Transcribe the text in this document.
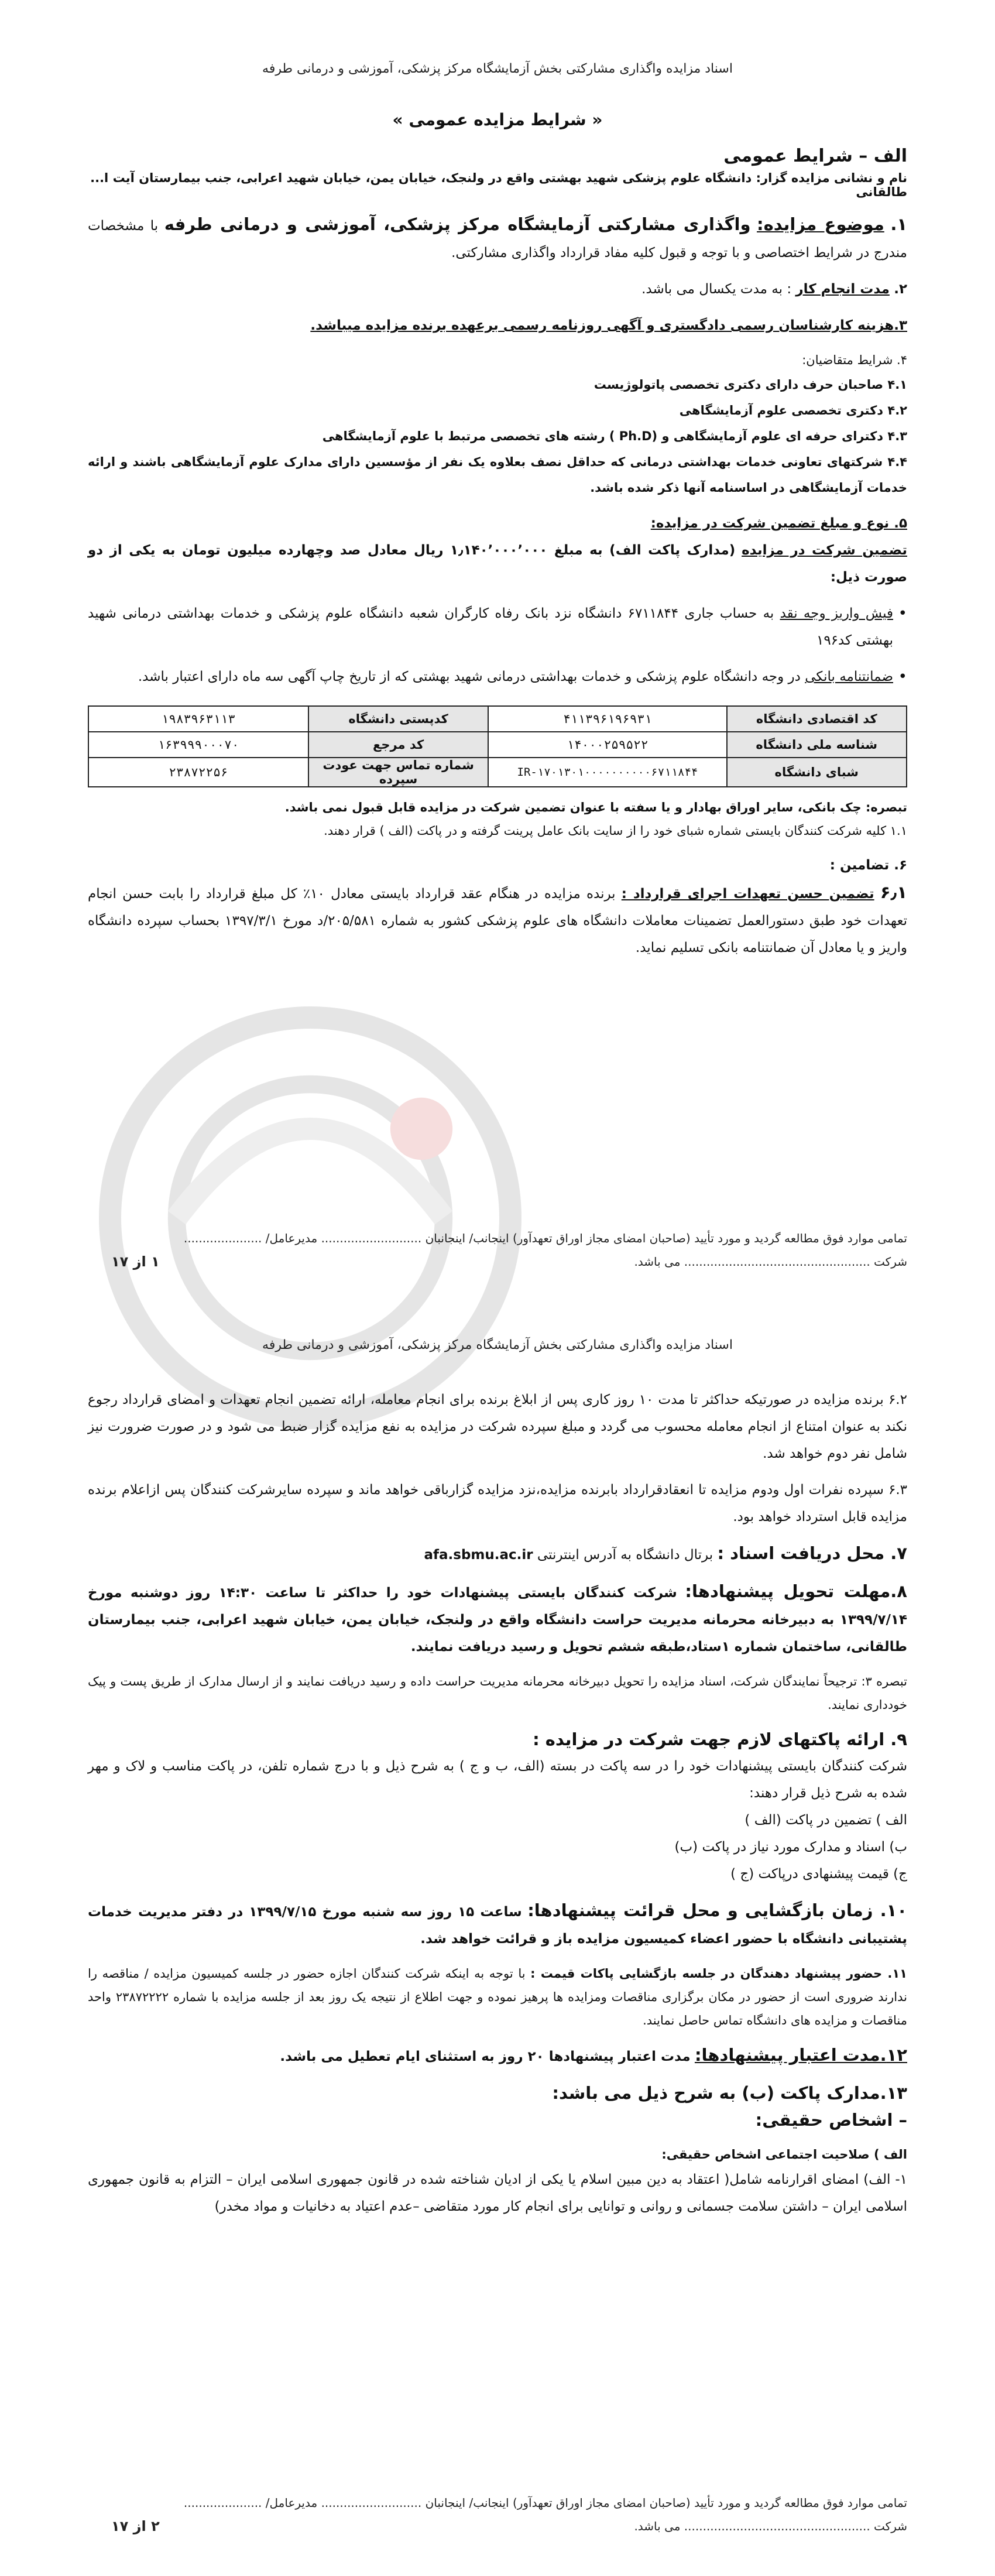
اسناد مزایده واگذاری مشارکتی بخش آزمایشگاه مرکز پزشکی، آموزشی و درمانی طرفه
« شرایط مزایده عمومی »
الف – شرایط عمومی
نام و نشانی مزایده گزار: دانشگاه علوم پزشکی شهید بهشتی واقع در ولنجک، خیابان یمن، خیابان شهید اعرابی، جنب بیمارستان آیت ا... طالقانی

۱. موضوع مزایده: واگذاری مشارکتی آزمایشگاه مرکز پزشکی، آموزشی و درمانی طرفه با مشخصات مندرج در شرایط اختصاصی و با توجه و قبول کلیه مفاد قرارداد واگذاری مشارکتی.

۲. مدت انجام کار : به مدت یکسال می باشد.

۳.هزینه کارشناسان رسمی دادگستری و آگهی روزنامه رسمی برعهده برنده مزایده میباشد.

۴. شرایط متقاضیان:

۴.۱ صاحبان حرف دارای دکتری تخصصی پاتولوژیست

۴.۲ دکتری تخصصی علوم آزمایشگاهی

۴.۳ دکترای حرفه ای علوم آزمایشگاهی و (Ph.D ) رشته های تخصصی مرتبط با علوم آزمایشگاهی

۴.۴ شرکتهای تعاونی خدمات بهداشتی درمانی که حداقل نصف بعلاوه یک نفر از مؤسسین دارای مدارک علوم آزمایشگاهی باشند و ارائه خدمات آزمایشگاهی در اساسنامه آنها ذکر شده باشد.

۵. نوع و مبلغ تضمین شرکت در مزایده:

تضمین شرکت در مزایده (مدارک پاکت الف) به مبلغ ۱٫۱۴۰٬۰۰۰٬۰۰۰ ریال معادل صد وچهارده میلیون تومان به یکی از دو صورت ذیل:

• فیش واریز وجه نقد به حساب جاری ۶۷۱۱۸۴۴ دانشگاه نزد بانک رفاه کارگران شعبه دانشگاه علوم پزشکی و خدمات بهداشتی درمانی شهید بهشتی کد۱۹۶

• ضمانتنامه بانکی در وجه دانشگاه علوم پزشکی و خدمات بهداشتی درمانی شهید بهشتی که از تاریخ چاپ آگهی سه ماه دارای اعتبار باشد.

کد اقتصادی دانشگاه	۴۱۱۳۹۶۱۹۶۹۳۱	کدپستی دانشگاه	۱۹۸۳۹۶۳۱۱۳
شناسه ملی دانشگاه	۱۴۰۰۰۲۵۹۵۲۲	کد مرجع	۱۶۳۹۹۹۰۰۰۷۰
شبای دانشگاه	IR-۱۷۰۱۳۰۱۰۰۰۰۰۰۰۰۰۰۶۷۱۱۸۴۴	شماره تماس جهت عودت سپرده	۲۳۸۷۲۲۵۶

تبصره: چک بانکی، سایر اوراق بهادار و یا سفته با عنوان تضمین شرکت در مزایده قابل قبول نمی باشد.

۱.۱ کلیه شرکت کنندگان بایستی شماره شبای خود را از سایت بانک عامل پرینت گرفته و در پاکت (الف ) قرار دهند.

۶. تضامین :

۶٫۱ تضمین حسن تعهدات اجرای قرارداد : برنده مزایده در هنگام عقد قرارداد بایستی معادل ۱۰٪ کل مبلغ قرارداد را بابت حسن انجام تعهدات خود طبق دستورالعمل تضمینات معاملات دانشگاه های علوم پزشکی کشور به شماره ۲۰۵/۵۸۱/د مورخ ۱۳۹۷/۳/۱ بحساب سپرده دانشگاه واریز و یا معادل آن ضمانتنامه بانکی تسلیم نماید.

تمامی موارد فوق مطالعه گردید و مورد تأیید (صاحبان امضای مجاز اوراق تعهدآور) اینجانب/ اینجانبان ........................... مدیرعامل/ .....................
شرکت .................................................. می باشد.
۱ از ۱۷
اسناد مزایده واگذاری مشارکتی بخش آزمایشگاه مرکز پزشکی، آموزشی و درمانی طرفه

۶.۲ برنده مزایده در صورتیکه حداکثر تا مدت ۱۰ روز کاری پس از ابلاغ برنده برای انجام معامله، ارائه تضمین انجام تعهدات و امضای قرارداد رجوع نکند به عنوان امتناع از انجام معامله محسوب می گردد و مبلغ سپرده شرکت در مزایده به نفع مزایده گزار ضبط می شود و در صورت ضرورت نیز شامل نفر دوم خواهد شد.

۶.۳ سپرده نفرات اول ودوم مزایده تا انعقادقرارداد بابرنده مزایده،نزد مزایده گزارباقی خواهد ماند و سپرده سایرشرکت کنندگان پس ازاعلام برنده مزایده قابل استرداد خواهد بود.

۷. محل دریافت اسناد : برتال دانشگاه به آدرس اینترنتی afa.sbmu.ac.ir

۸.مهلت تحویل پیشنهادها: شرکت کنندگان بایستی پیشنهادات خود را حداکثر تا ساعت ۱۴:۳۰ روز دوشنبه مورخ ۱۳۹۹/۷/۱۴ به دبیرخانه محرمانه مدیریت حراست دانشگاه واقع در ولنجک، خیابان یمن، خیابان شهید اعرابی، جنب بیمارستان طالقانی، ساختمان شماره ۱ستاد،طبقه ششم تحویل و رسید دریافت نمایند.

تبصره ۳: ترجیحاً نمایندگان شرکت، اسناد مزایده را تحویل دبیرخانه محرمانه مدیریت حراست داده و رسید دریافت نمایند و از ارسال مدارک از طریق پست و پیک خودداری نمایند.

۹. ارائه پاکتهای لازم جهت شرکت در مزایده :

شرکت کنندگان بایستی پیشنهادات خود را در سه پاکت در بسته (الف، ب و ج ) به شرح ذیل و با درج شماره تلفن، در پاکت مناسب و لاک و مهر شده به شرح ذیل قرار دهند:

الف ) تضمین در پاکت (الف )

ب) اسناد و مدارک مورد نیاز در پاکت (ب)

ج) قیمت پیشنهادی درپاکت (ج )

۱۰. زمان بازگشایی و محل قرائت پیشنهادها: ساعت ۱۵ روز سه شنبه مورخ ۱۳۹۹/۷/۱۵ در دفتر مدیریت خدمات پشتیبانی دانشگاه با حضور اعضاء کمیسیون مزایده باز و قرائت خواهد شد.

۱۱. حضور پیشنهاد دهندگان در جلسه بازگشایی پاکات قیمت : با توجه به اینکه شرکت کنندگان اجازه حضور در جلسه کمیسیون مزایده / مناقصه را ندارند ضروری است از حضور در مکان برگزاری مناقصات ومزایده ها پرهیز نموده و جهت اطلاع از نتیجه یک روز بعد از جلسه مزایده با شماره ۲۳۸۷۲۲۲۲ واحد مناقصات و مزایده های دانشگاه تماس حاصل نمایند.

۱۲.مدت اعتبار پیشنهادها: مدت اعتبار پیشنهادها ۲۰ روز به استثنای ایام تعطیل می باشد.

۱۳.مدارک پاکت (ب) به شرح ذیل می باشد:

– اشخاص حقیقی:

الف ) صلاحیت اجتماعی اشخاص حقیقی:

۱- الف) امضای اقرارنامه شامل( اعتقاد به دین مبین اسلام یا یکی از ادیان شناخته شده در قانون جمهوری اسلامی ایران – التزام به قانون جمهوری اسلامی ایران – داشتن سلامت جسمانی و روانی و توانایی برای انجام کار مورد متقاضی –عدم اعتیاد به دخانیات و مواد مخدر)

تمامی موارد فوق مطالعه گردید و مورد تأیید (صاحبان امضای مجاز اوراق تعهدآور) اینجانب/ اینجانبان ........................... مدیرعامل/ .....................
شرکت .................................................. می باشد.
۲ از ۱۷
